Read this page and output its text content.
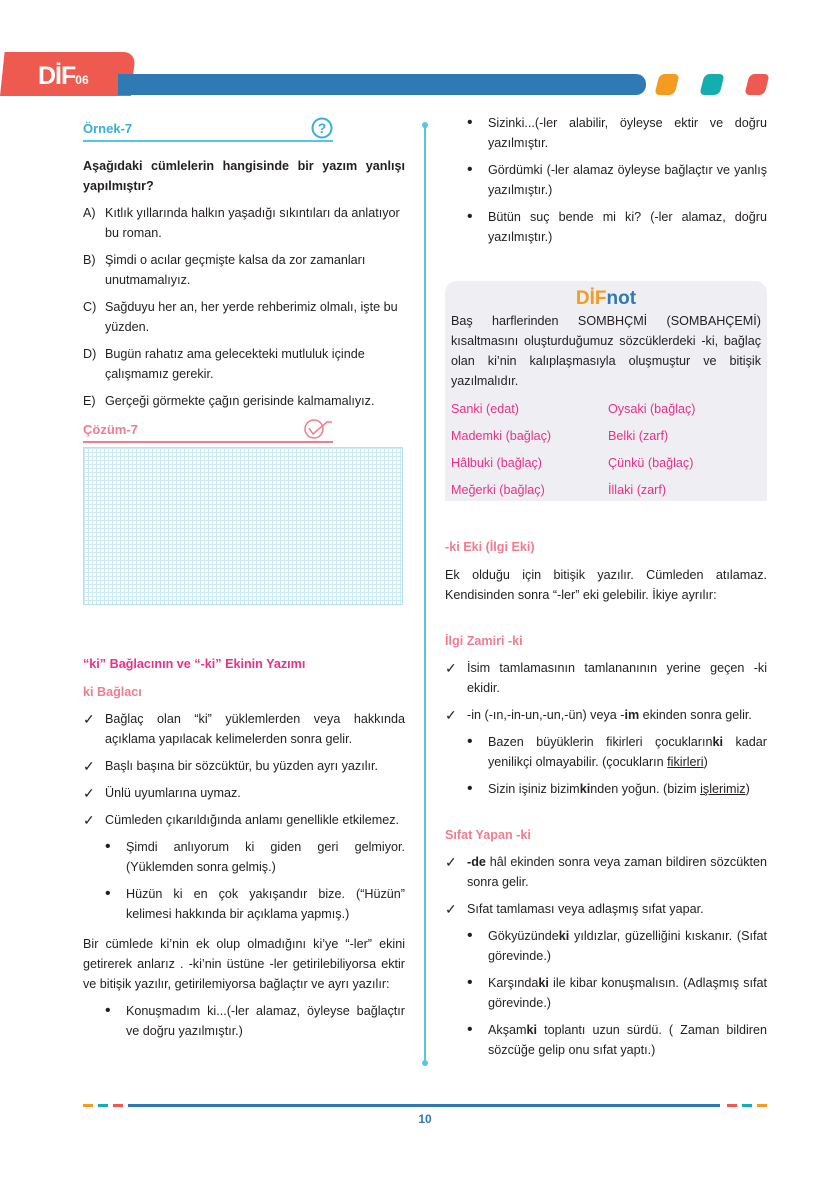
DİF06
Örnek-7	?
Aşağıdaki cümlelerin hangisinde bir yazım yanlışı yapılmıştır?
A) Kıtlık yıllarında halkın yaşadığı sıkıntıları da anlatıyor bu roman.
B) Şimdi o acılar geçmişte kalsa da zor zamanları unutmamalıyız.
C) Sağduyu her an, her yerde rehberimiz olmalı, işte bu yüzden.
D) Bugün rahatız ama gelecekteki mutluluk içinde çalışmamız gerekir.
E) Gerçeği görmekte çağın gerisinde kalmamalıyız.
Çözüm-7
“ki” Bağlacının ve “-ki” Ekinin Yazımı
ki Bağlacı
✓ Bağlaç olan “ki” yüklemlerden veya hakkında açıklama yapılacak kelimelerden sonra gelir.
✓ Başlı başına bir sözcüktür, bu yüzden ayrı yazılır.
✓ Ünlü uyumlarına uymaz.
✓ Cümleden çıkarıldığında anlamı genellikle etkilemez.
•	Şimdi anlıyorum ki giden geri gelmiyor. (Yüklemden sonra gelmiş.)
•	Hüzün ki en çok yakışandır bize. (“Hüzün” kelimesi hakkında bir açıklama yapmış.)

Bir cümlede ki’nin ek olup olmadığını ki’ye “-ler” ekini getirerek anlarız . -ki’nin üstüne -ler getirilebiliyorsa ektir ve bitişik yazılır, getirilemiyorsa bağlaçtır ve ayrı yazılır:

•	Konuşmadım ki...(-ler alamaz, öyleyse bağlaçtır ve doğru yazılmıştır.)
•	Sizinki...(-ler alabilir, öyleyse ektir ve doğru yazılmıştır.
•	Gördümki (-ler alamaz öyleyse bağlaçtır ve yanlış yazılmıştır.)
•	Bütün suç bende mi ki? (-ler alamaz, doğru yazılmıştır.)
DİFnot

Baş harflerinden SOMBHÇMİ (SOMBAHÇEMİ) kısaltmasını oluşturduğumuz sözcüklerdeki -ki, bağlaç olan ki’nin kalıplaşmasıyla oluşmuştur ve bitişik yazılmalıdır.

Sanki (edat)	Oysaki (bağlaç)
Mademki (bağlaç)	Belki (zarf)
Hâlbuki (bağlaç)	Çünkü (bağlaç)
Meğerki (bağlaç)	İllaki (zarf)
-ki Eki (İlgi Eki)

Ek olduğu için bitişik yazılır. Cümleden atılamaz. Kendisinden sonra “-ler” eki gelebilir. İkiye ayrılır:

İlgi Zamiri -ki
✓ İsim tamlamasının tamlananının yerine geçen -ki ekidir.
✓ -in (-ın,-in-un,-un,-ün) veya -im ekinden sonra gelir.
•	Bazen büyüklerin fikirleri çocuklarınki kadar yenilikçi olmayabilir. (çocukların fikirleri)
•	Sizin işiniz bizimkinden yoğun. (bizim işlerimiz)
Sıfat Yapan -ki
✓ -de hâl ekinden sonra veya zaman bildiren sözcükten sonra gelir.
✓ Sıfat tamlaması veya adlaşmış sıfat yapar.
•	Gökyüzündeki yıldızlar, güzelliğini kıskanır. (Sıfat görevinde.)
•	Karşındaki ile kibar konuşmalısın. (Adlaşmış sıfat görevinde.)
•	Akşamki toplantı uzun sürdü. ( Zaman bildiren sözcüğe gelip onu sıfat yaptı.)
10
